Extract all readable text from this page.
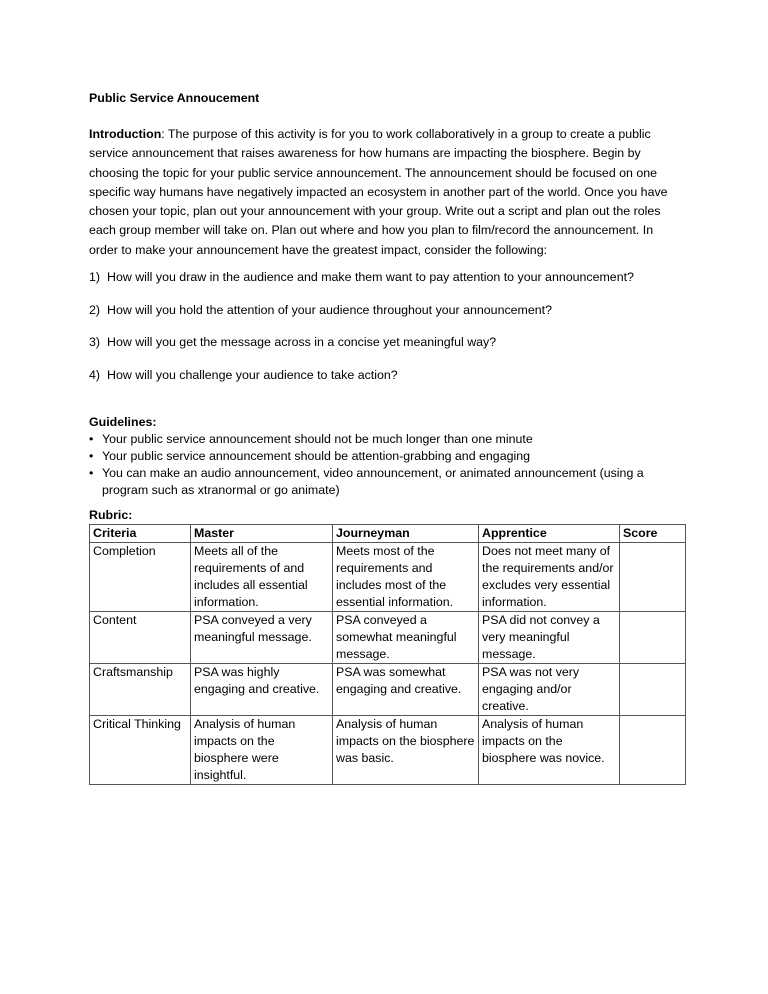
Public Service Annoucement

Introduction: The purpose of this activity is for you to work collaboratively in a group to create a public service announcement that raises awareness for how humans are impacting the biosphere. Begin by choosing the topic for your public service announcement. The announcement should be focused on one specific way humans have negatively impacted an ecosystem in another part of the world. Once you have chosen your topic, plan out your announcement with your group. Write out a script and plan out the roles each group member will take on. Plan out where and how you plan to film/record the announcement. In order to make your announcement have the greatest impact, consider the following:

1) How will you draw in the audience and make them want to pay attention to your announcement?
2) How will you hold the attention of your audience throughout your announcement?
3) How will you get the message across in a concise yet meaningful way?
4) How will you challenge your audience to take action?
Guidelines:
• Your public service announcement should not be much longer than one minute
• Your public service announcement should be attention-grabbing and engaging
• You can make an audio announcement, video announcement, or animated announcement (using a program such as xtranormal or go animate)
Rubric:
Criteria	Master	Journeyman	Apprentice	Score
Completion	Meets all of the requirements of and includes all essential information.	Meets most of the requirements and includes most of the essential information.	Does not meet many of the requirements and/or excludes very essential information.	
Content	PSA conveyed a very meaningful message.	PSA conveyed a somewhat meaningful message.	PSA did not convey a very meaningful message.	
Craftsmanship	PSA was highly engaging and creative.	PSA was somewhat engaging and creative.	PSA was not very engaging and/or creative.	
Critical Thinking	Analysis of human impacts on the biosphere were insightful.	Analysis of human impacts on the biosphere was basic.	Analysis of human impacts on the biosphere was novice.	
